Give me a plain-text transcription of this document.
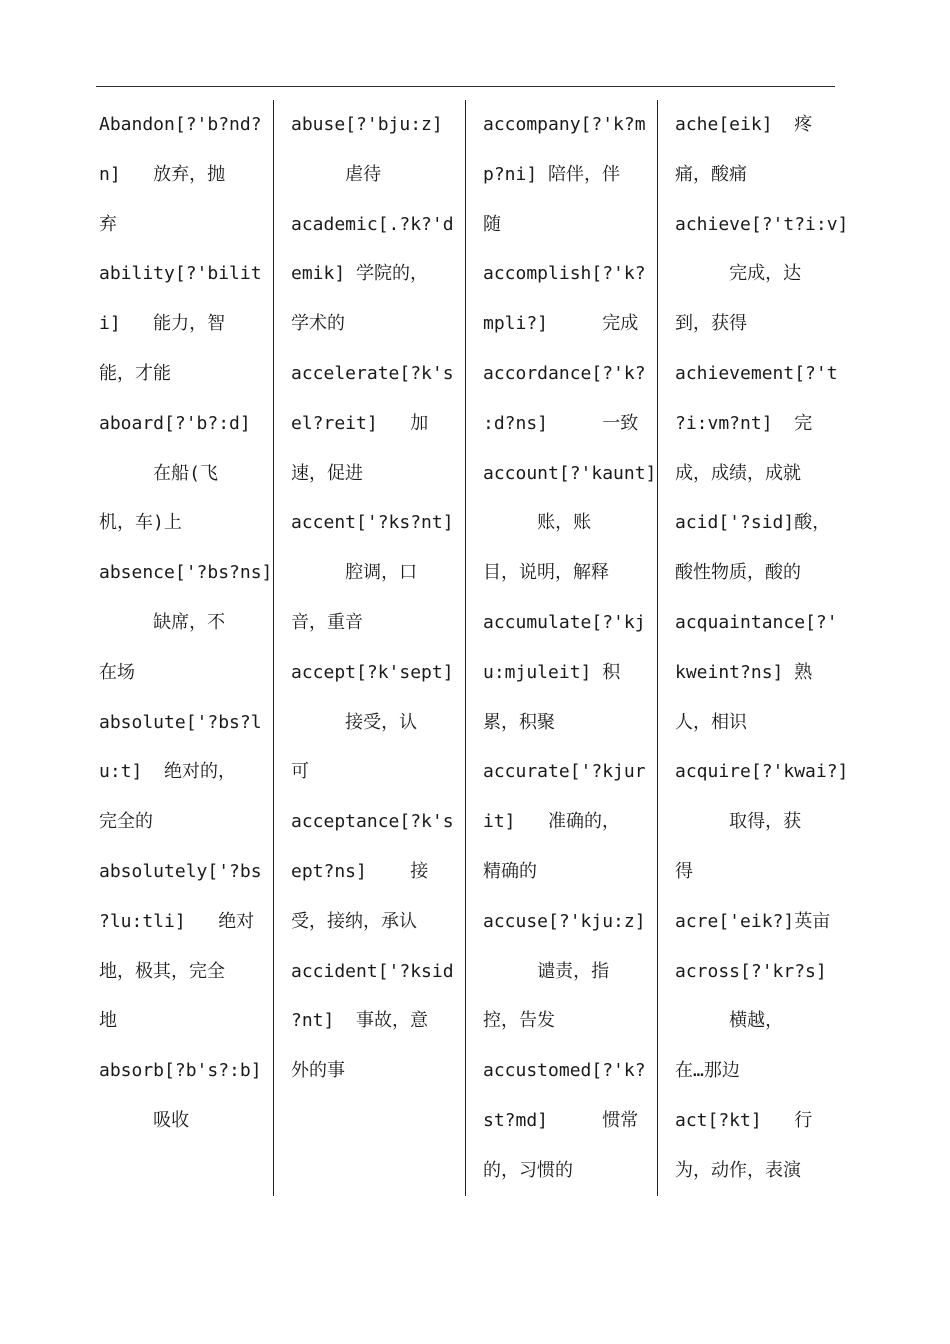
Abandon[?'b?nd?
n]   放弃，抛
弃
ability[?'bilit
i]   能力，智
能，才能
aboard[?'b?:d]
在船(飞
机，车)上
absence['?bs?ns]
缺席，不
在场
absolute['?bs?l
u:t]  绝对的，
完全的
absolutely['?bs
?lu:tli]   绝对
地，极其，完全
地
absorb[?b's?:b]
吸收
abuse[?'bju:z]
虐待
academic[.?k?'d
emik] 学院的，
学术的
accelerate[?k's
el?reit]   加
速，促进
accent['?ks?nt]
腔调，口
音，重音
accept[?k'sept]
接受，认
可
acceptance[?k's
ept?ns]    接
受，接纳，承认
accident['?ksid
?nt]  事故，意
外的事
accompany[?'k?m
p?ni] 陪伴，伴
随
accomplish[?'k?
mpli?]     完成
accordance[?'k?
:d?ns]     一致
account[?'kaunt]
账，账
目，说明，解释
accumulate[?'kj
u:mjuleit] 积
累，积聚
accurate['?kjur
it]   准确的，
精确的
accuse[?'kju:z]
谴责，指
控，告发
accustomed[?'k?
st?md]     惯常
的，习惯的
ache[eik]  疼
痛，酸痛
achieve[?'t?i:v]
完成，达
到，获得
achievement[?'t
?i:vm?nt]  完
成，成绩，成就
acid['?sid]酸，
酸性物质，酸的
acquaintance[?'
kweint?ns] 熟
人，相识
acquire[?'kwai?]
取得，获
得
acre['eik?]英亩
across[?'kr?s]
横越，
在…那边
act[?kt]   行
为，动作，表演
